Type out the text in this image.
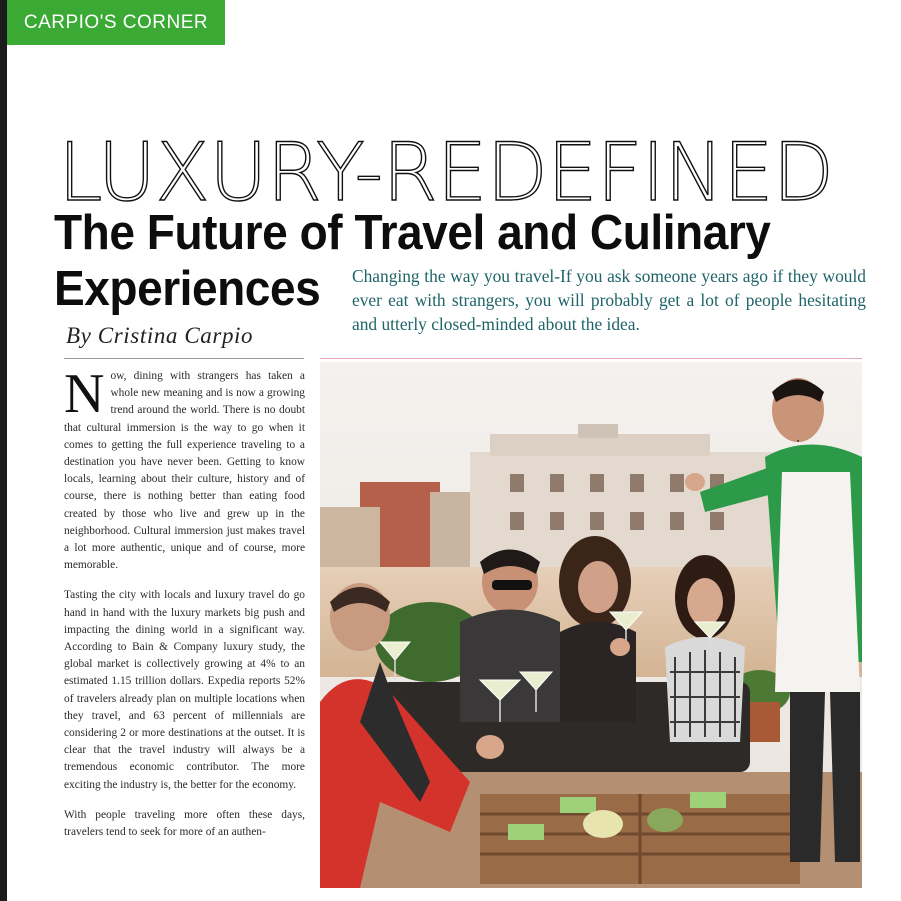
CARPIO'S CORNER
LUXURY-REDEFINED
The Future of Travel and Culinary
Experiences	Changing the way you travel-If you ask someone years ago if they would ever eat with strangers, you will probably get a lot of people hesitating and utterly closed-minded about the idea.
By Cristina Carpio

Now, dining with strangers has taken a whole new meaning and is now a growing trend around the world. There is no doubt that cultural immersion is the way to go when it comes to getting the full experience traveling to a destination you have never been. Getting to know locals, learning about their culture, history and of course, there is nothing better than eating food created by those who live and grew up in the neighborhood. Cultural immersion just makes travel a lot more authentic, unique and of course, more memorable.

Tasting the city with locals and luxury travel do go hand in hand with the luxury markets big push and impacting the dining world in a significant way. According to Bain & Company luxury study, the global market is collectively growing at 4% to an estimated 1.15 trillion dollars. Expedia reports 52% of travelers already plan on multiple locations when they travel, and 63 percent of millennials are considering 2 or more destinations at the outset. It is clear that the travel industry will always be a tremendous economic contributor. The more exciting the industry is, the better for the economy.

With people traveling more often these days, travelers tend to seek for more of an authen-
